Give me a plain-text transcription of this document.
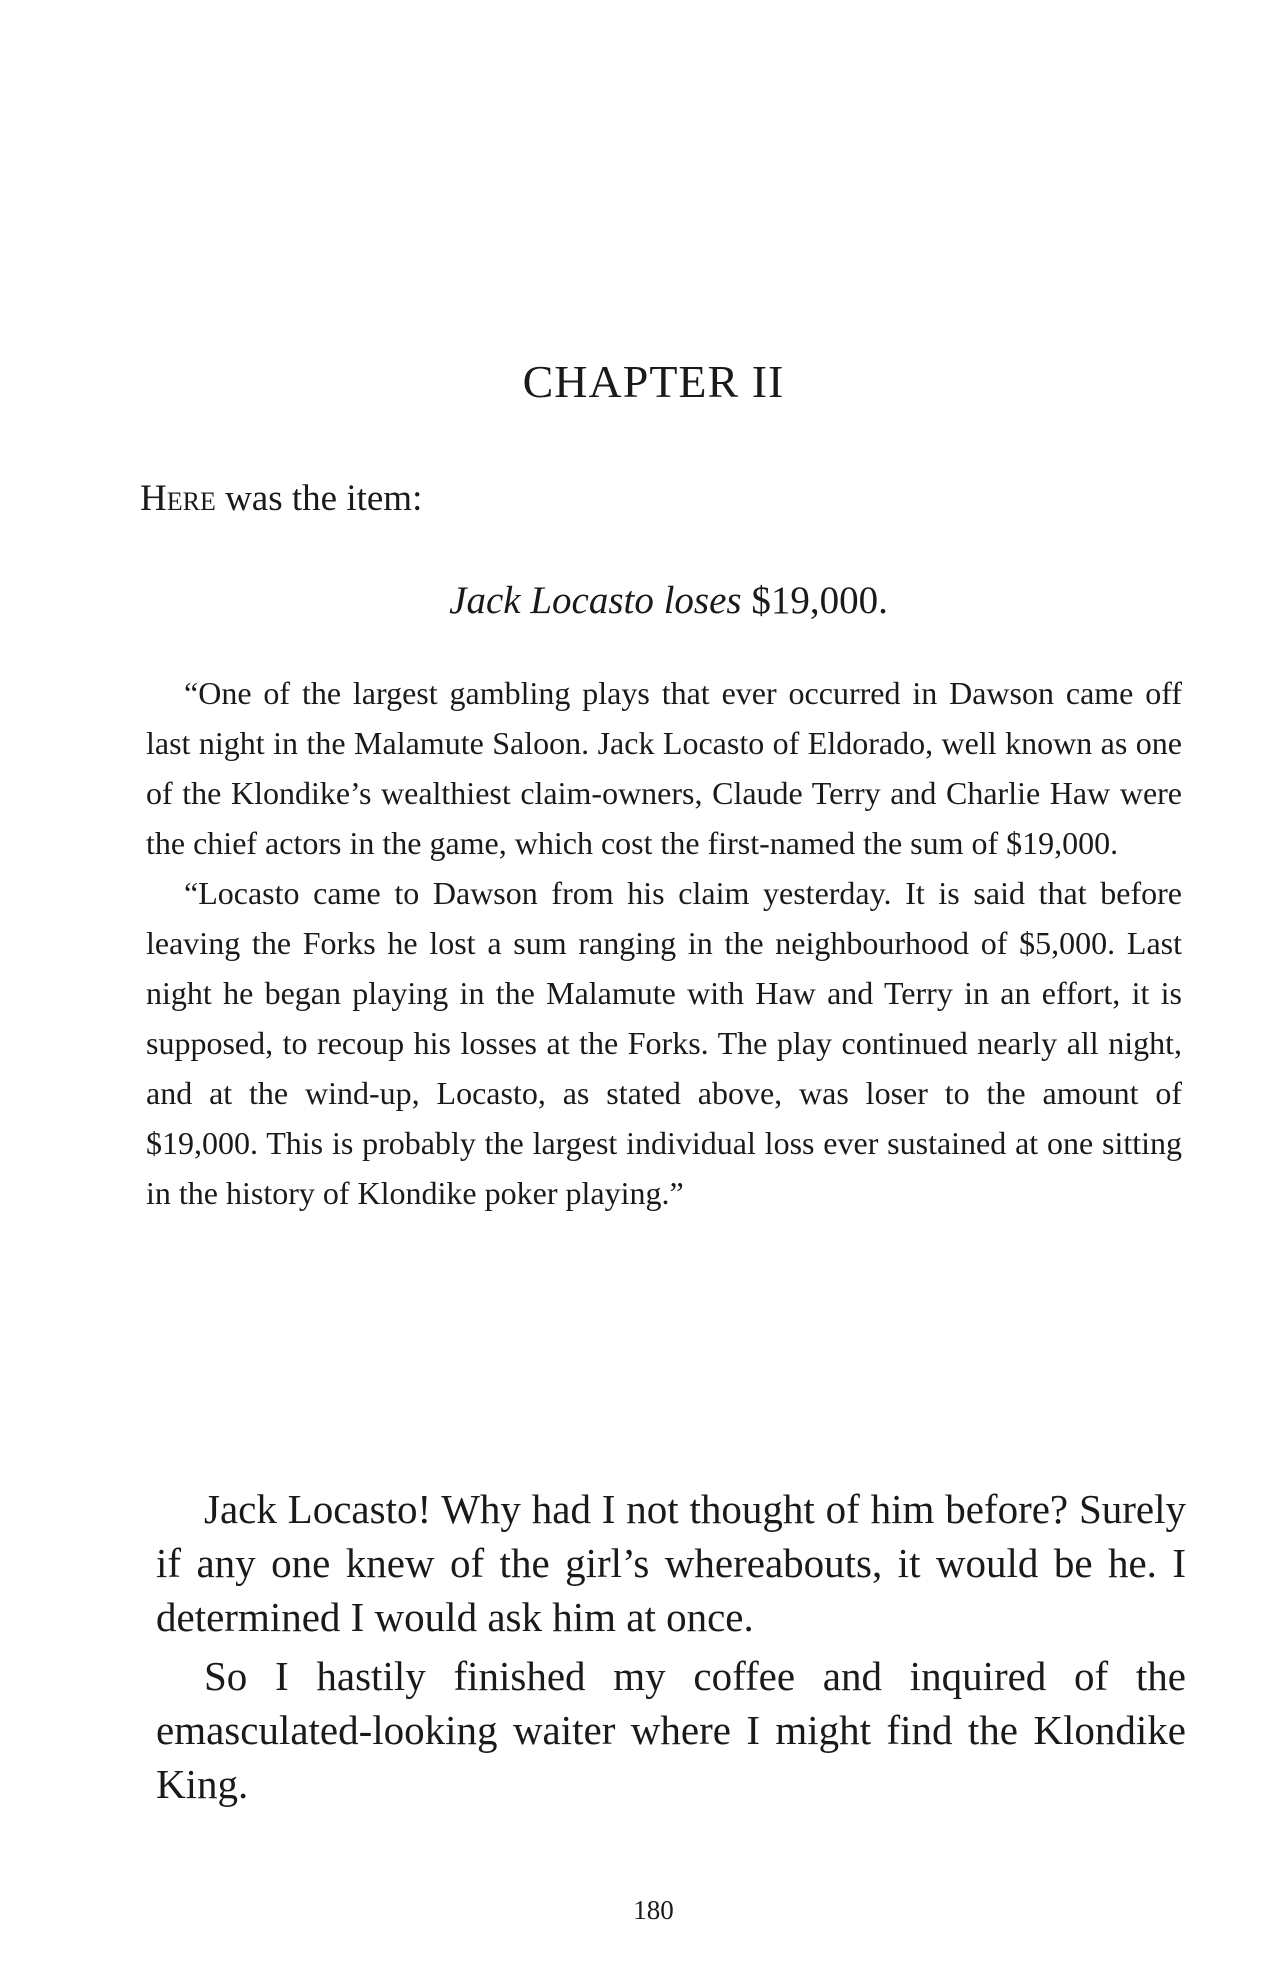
CHAPTER II
Here was the item:
Jack Locasto loses $19,000.

“One of the largest gambling plays that ever occurred in Dawson came off last night in the Malamute Saloon. Jack Locasto of Eldorado, well known as one of the Klondike’s wealthiest claim-owners, Claude Terry and Charlie Haw were the chief actors in the game, which cost the first-named the sum of $19,000.

“Locasto came to Dawson from his claim yesterday. It is said that before leaving the Forks he lost a sum ranging in the neighbourhood of $5,000. Last night he began playing in the Malamute with Haw and Terry in an effort, it is supposed, to recoup his losses at the Forks. The play continued nearly all night, and at the wind-up, Locasto, as stated above, was loser to the amount of $19,000. This is probably the largest individual loss ever sustained at one sitting in the history of Klondike poker playing.”

Jack Locasto! Why had I not thought of him before? Surely if any one knew of the girl’s whereabouts, it would be he. I determined I would ask him at once.

So I hastily finished my coffee and inquired of the emasculated-looking waiter where I might find the Klondike King.

180
